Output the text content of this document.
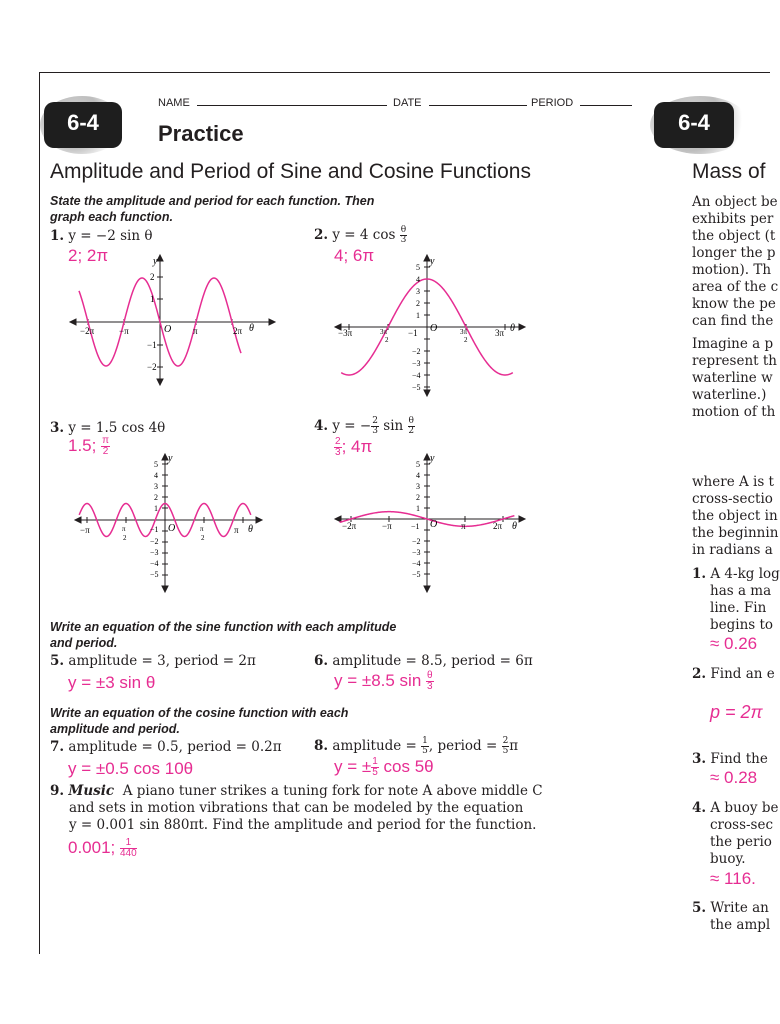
6-4	6-4
NAME	DATE	PERIOD
Practice
Amplitude and Period of Sine and Cosine Functions	Mass of
State the amplitude and period for each function. Then
graph each function.
1. y = −2 sin θ
2; 2π
2. y = 4 $\cos \frac{\theta}{3}$
4; 6π
y
θ
O
−2π	−π	π	2π
2
1
−1
−2
y
θ
O
−3π	−1	3π
3π
2
3π
2
5
4
3
2
1
−2
−3
−4
−5
3. y = 1.5 cos 4θ
1.5; $\frac{\pi}{2}$
4. y = − $\frac{2}{3}$ $\sin \frac{\theta}{2}$
$\frac{2}{3}$ ; 4π
y
θ
O
−π	−1	π
π
2
π
2
5
4
3
2
1
−2
−3
−4
−5
y
θ
O
−2π	−π −1	π	2π
5
4
3
2
1
−2
−3
−4
−5
Write an equation of the sine function with each amplitude
and period.
5. amplitude = 3, period = 2π
y = ±3 sin θ
6. amplitude = 8.5, period = 6π
y = ±8.5 $\sin \frac{\theta}{3}$
Write an equation of the cosine function with each
amplitude and period.
7. amplitude = 0.5, period = 0.2π
y = ±0.5 cos 10θ
8. amplitude = $\frac{1}{5}$ , period = $\frac{2}{5}$ π
y = ± $\frac{1}{5}$ cos 5θ
9. Music A piano tuner strikes a tuning fork for note A above middle C
and sets in motion vibrations that can be modeled by the equation
y = 0.001 sin 880πt. Find the amplitude and period for the function.
0.001; $\frac{1}{440}$
An object be
exhibits per
the object (t
longer the p
motion). Th
area of the c
know the pe
can find the
Imagine a p
represent th
waterline w
waterline.)
motion of th
where A is t
cross-sectio
the object in
the beginnin
in radians a
1. A 4-kg log
has a ma
line. Fin
begins to
≈ 0.26
2. Find an e
p = 2π
3. Find the
≈ 0.28
4. A buoy be
cross-sec
the perio
buoy.
≈ 116.
5. Write an
the ampl
